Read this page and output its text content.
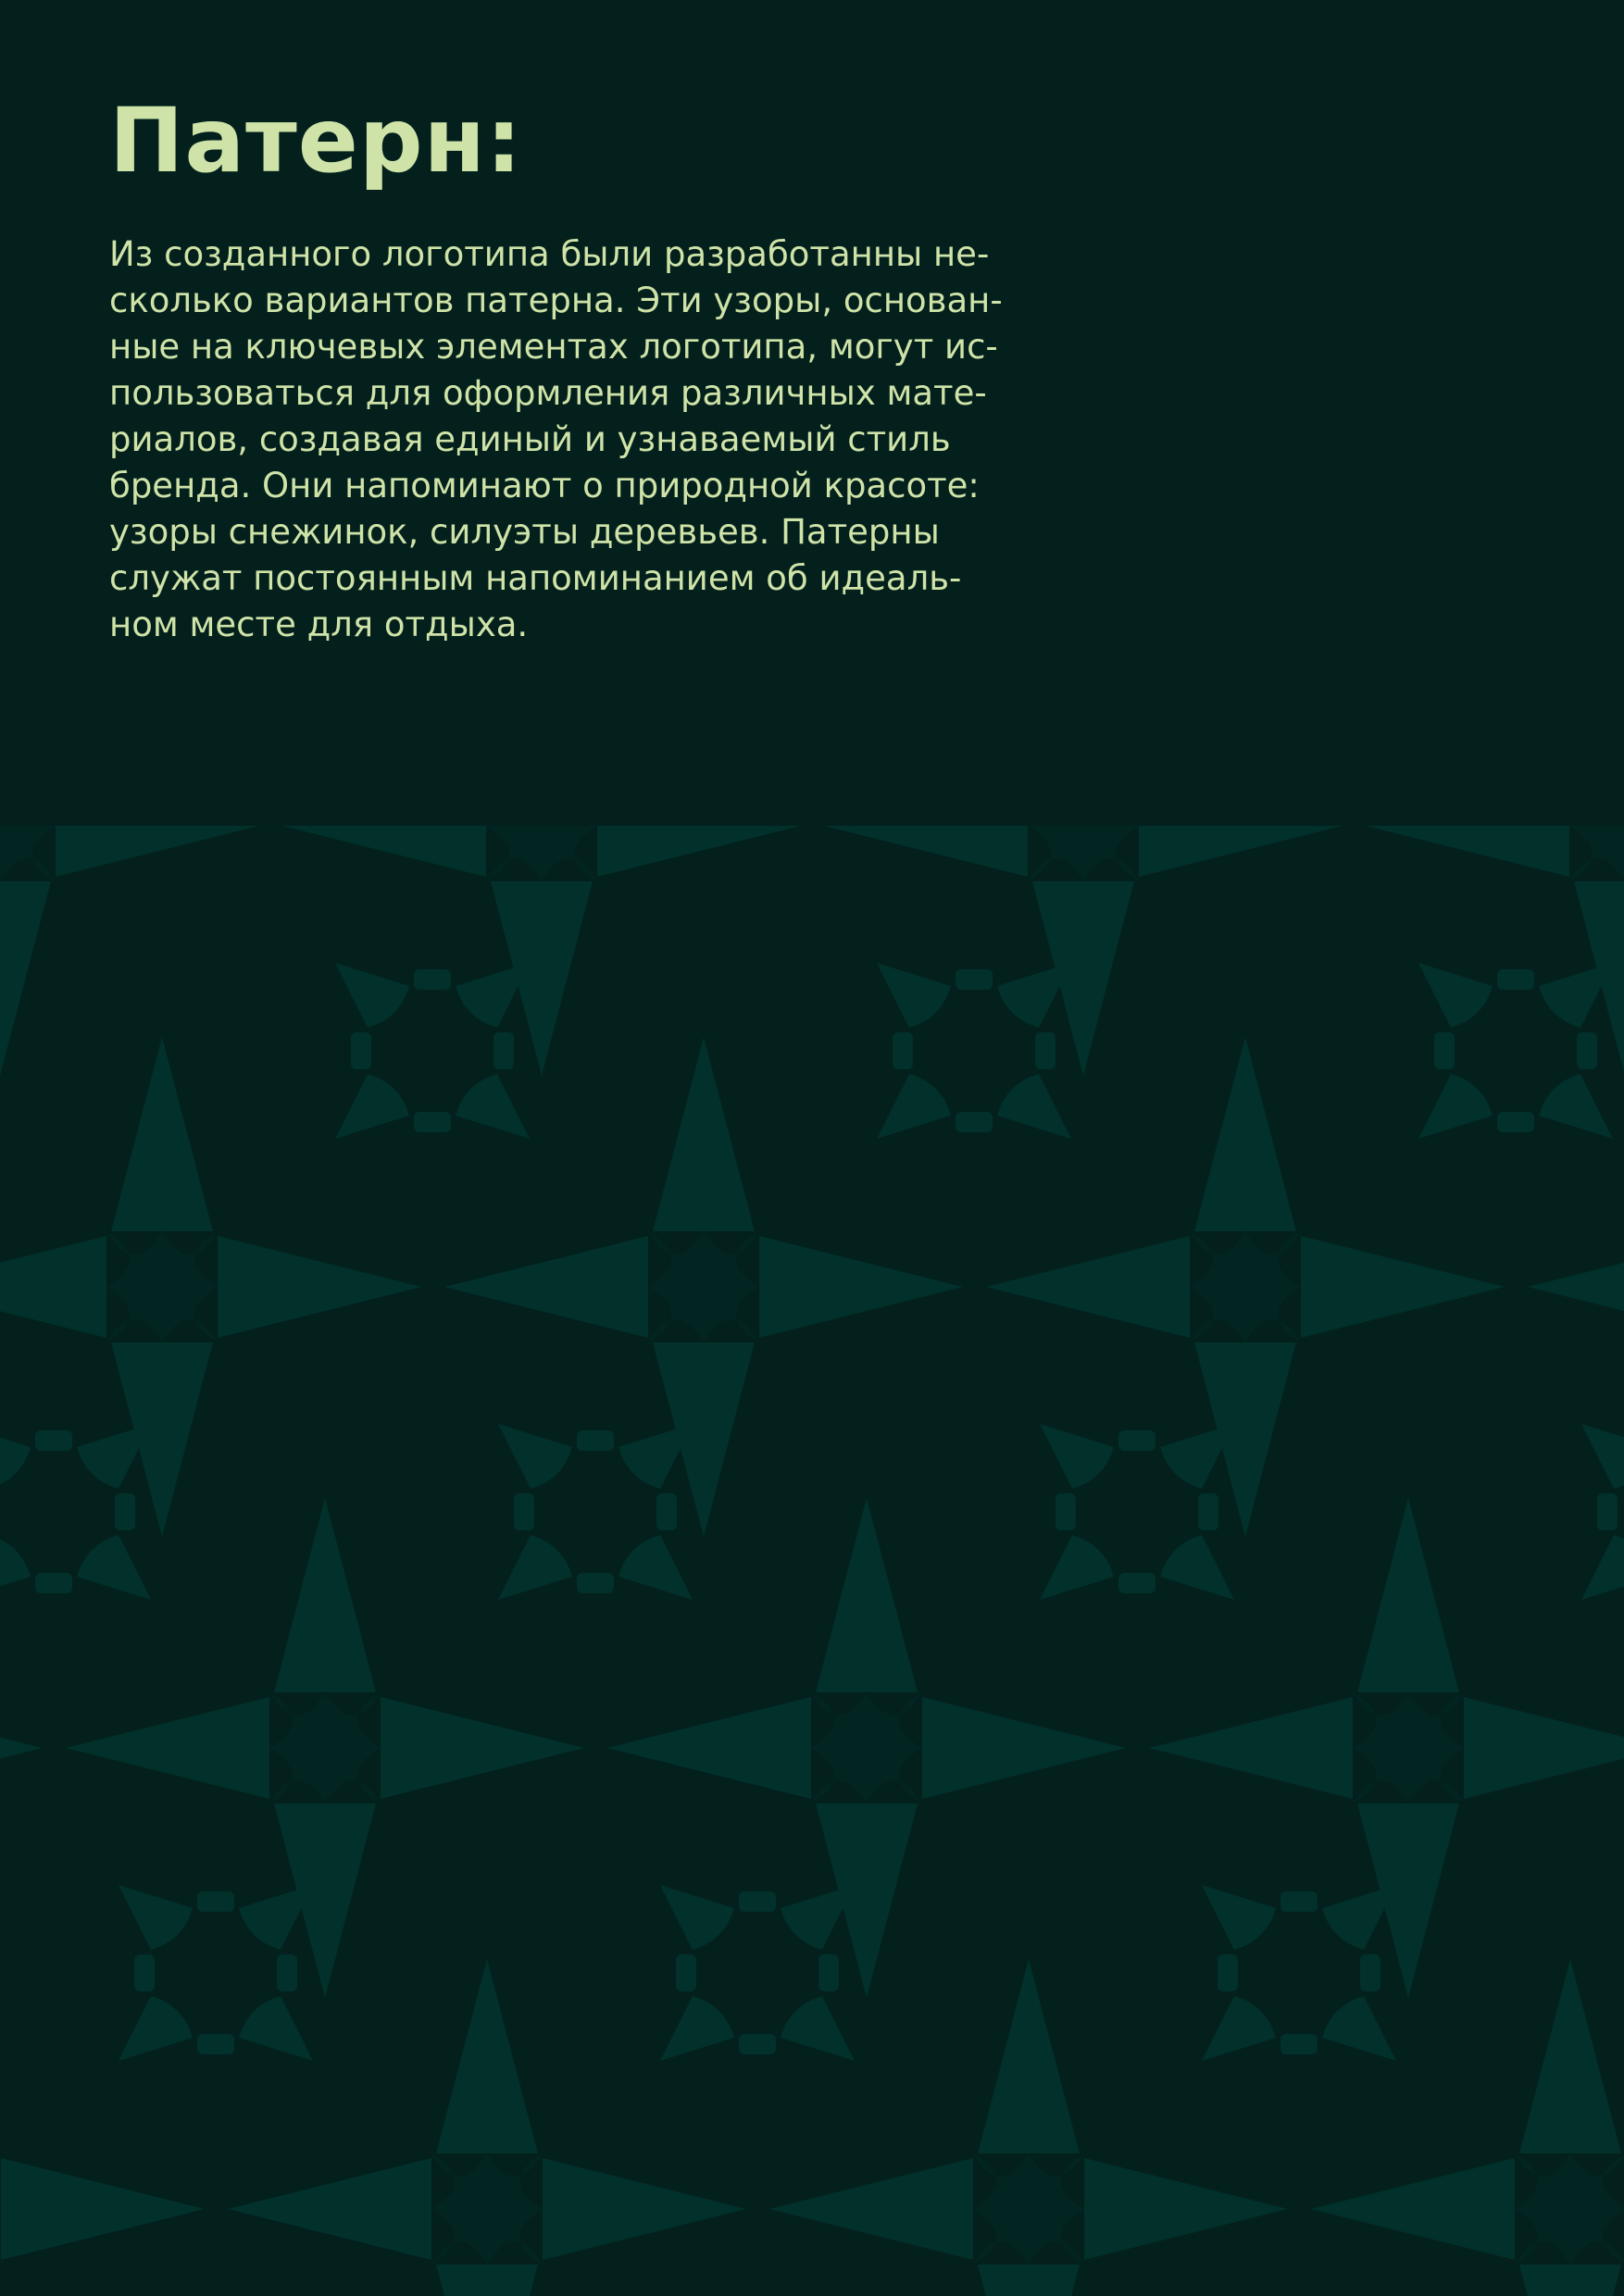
Патерн:

Из созданного логотипа были разработанны не-
сколько вариантов патерна. Эти узоры, основан-
ные на ключевых элементах логотипа, могут ис-
пользоваться для оформления различных мате-
риалов, создавая единый и узнаваемый стиль
бренда. Они напоминают о природной красоте:
узоры снежинок, силуэты деревьев. Патерны
служат постоянным напоминанием об идеаль-
ном месте для отдыха.
